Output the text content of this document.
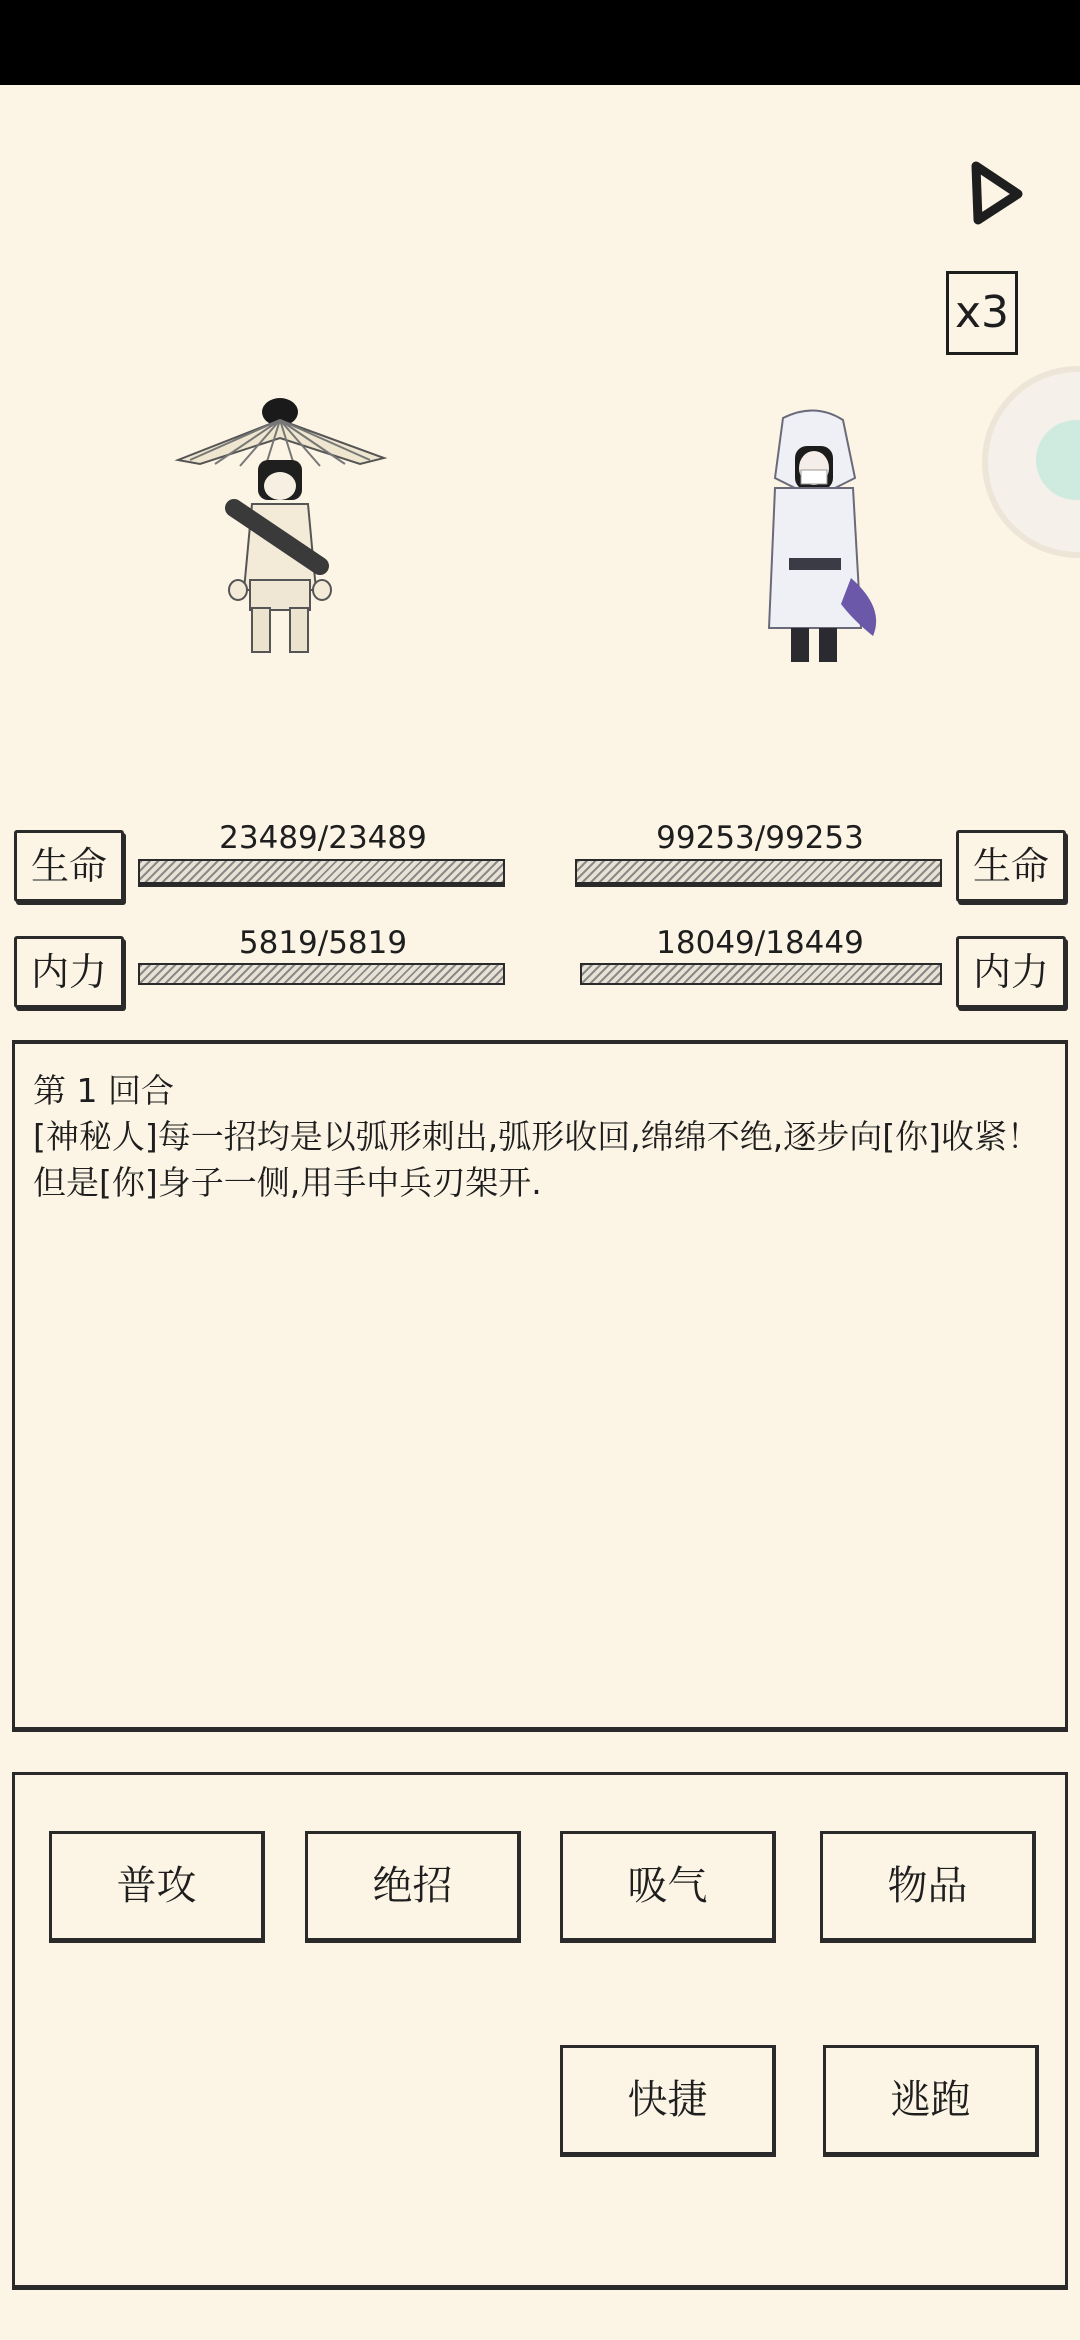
x3
生命
23489/23489
内力
5819/5819
99253/99253
生命
18049/18449
内力
第 1 回合
[神秘人]每一招均是以弧形刺出,弧形收回,绵绵不绝,逐步向[你]收紧！
但是[你]身子一侧,用手中兵刃架开.
普攻	绝招	吸气	物品
快捷	逃跑
